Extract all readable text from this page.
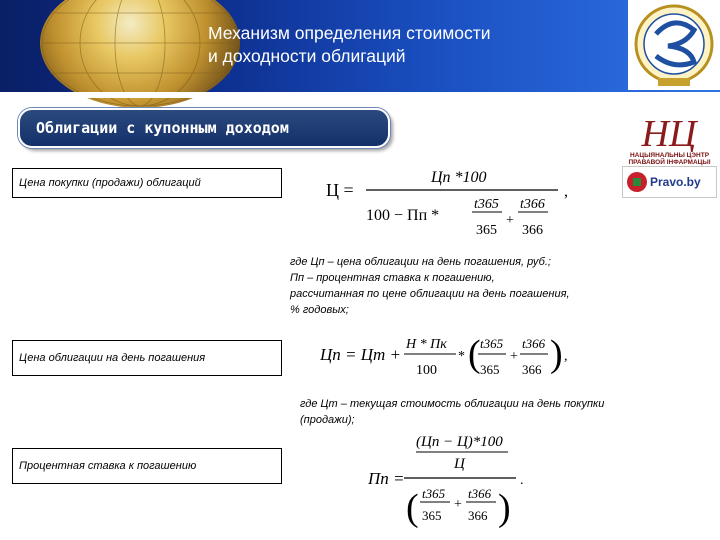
Механизм определения стоимости
и доходности облигаций
Облигации с купонным доходом	НЦ
НАЦЫЯНАЛЬНЫ ЦЭНТР ПРАВАВОЙ ІНФАРМАЦЫІ
Pravo.by
Цена покупки (продажи) облигаций
Цена облигации на день погашения
Процентная ставка к погашению
Ц =
Цп *100
100 − Пп *
t365
365
+
t366
366
,
где Цп – цена облигации на день погашения, руб.;
Пп – процентная ставка к погашению,
рассчитанная по цене облигации на день погашения,
% годовых;
Цп = Цт +
Н * Пк
100
* ( t365
365
+
t366
366 ) ,
где Цт – текущая стоимость облигации на день покупки
(продажи);
Пп =
(Цп − Ц)*100
Ц
( t365
365
+
t366
366 )
.
